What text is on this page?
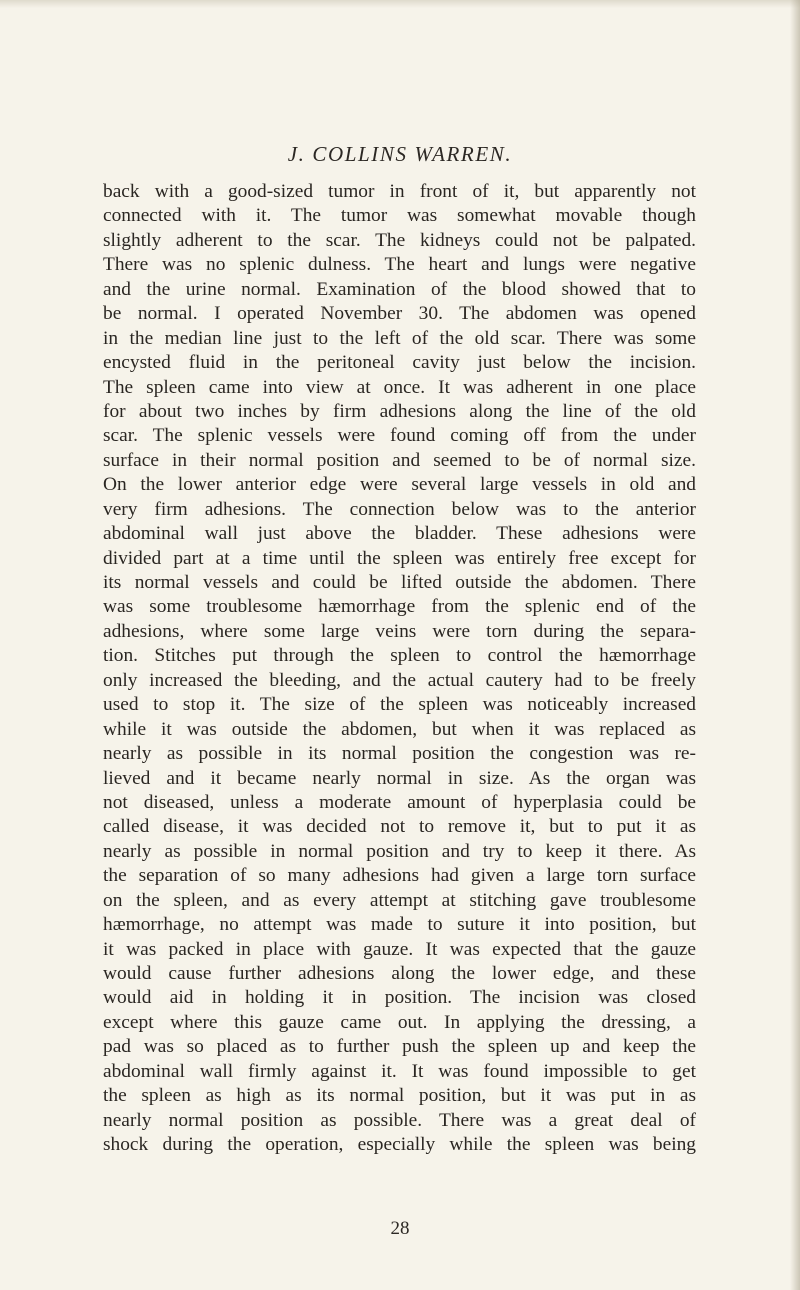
J. COLLINS WARREN.
back with a good-sized tumor in front of it, but apparently not
connected with it. The tumor was somewhat movable though
slightly adherent to the scar. The kidneys could not be palpated.
There was no splenic dulness. The heart and lungs were negative
and the urine normal. Examination of the blood showed that to
be normal. I operated November 30. The abdomen was opened
in the median line just to the left of the old scar. There was some
encysted fluid in the peritoneal cavity just below the incision.
The spleen came into view at once. It was adherent in one place
for about two inches by firm adhesions along the line of the old
scar. The splenic vessels were found coming off from the under
surface in their normal position and seemed to be of normal size.
On the lower anterior edge were several large vessels in old and
very firm adhesions. The connection below was to the anterior
abdominal wall just above the bladder. These adhesions were
divided part at a time until the spleen was entirely free except for
its normal vessels and could be lifted outside the abdomen. There
was some troublesome hæmorrhage from the splenic end of the
adhesions, where some large veins were torn during the separa-
tion. Stitches put through the spleen to control the hæmorrhage
only increased the bleeding, and the actual cautery had to be freely
used to stop it. The size of the spleen was noticeably increased
while it was outside the abdomen, but when it was replaced as
nearly as possible in its normal position the congestion was re-
lieved and it became nearly normal in size. As the organ was
not diseased, unless a moderate amount of hyperplasia could be
called disease, it was decided not to remove it, but to put it as
nearly as possible in normal position and try to keep it there. As
the separation of so many adhesions had given a large torn surface
on the spleen, and as every attempt at stitching gave troublesome
hæmorrhage, no attempt was made to suture it into position, but
it was packed in place with gauze. It was expected that the gauze
would cause further adhesions along the lower edge, and these
would aid in holding it in position. The incision was closed
except where this gauze came out. In applying the dressing, a
pad was so placed as to further push the spleen up and keep the
abdominal wall firmly against it. It was found impossible to get
the spleen as high as its normal position, but it was put in as
nearly normal position as possible. There was a great deal of
shock during the operation, especially while the spleen was being
28
